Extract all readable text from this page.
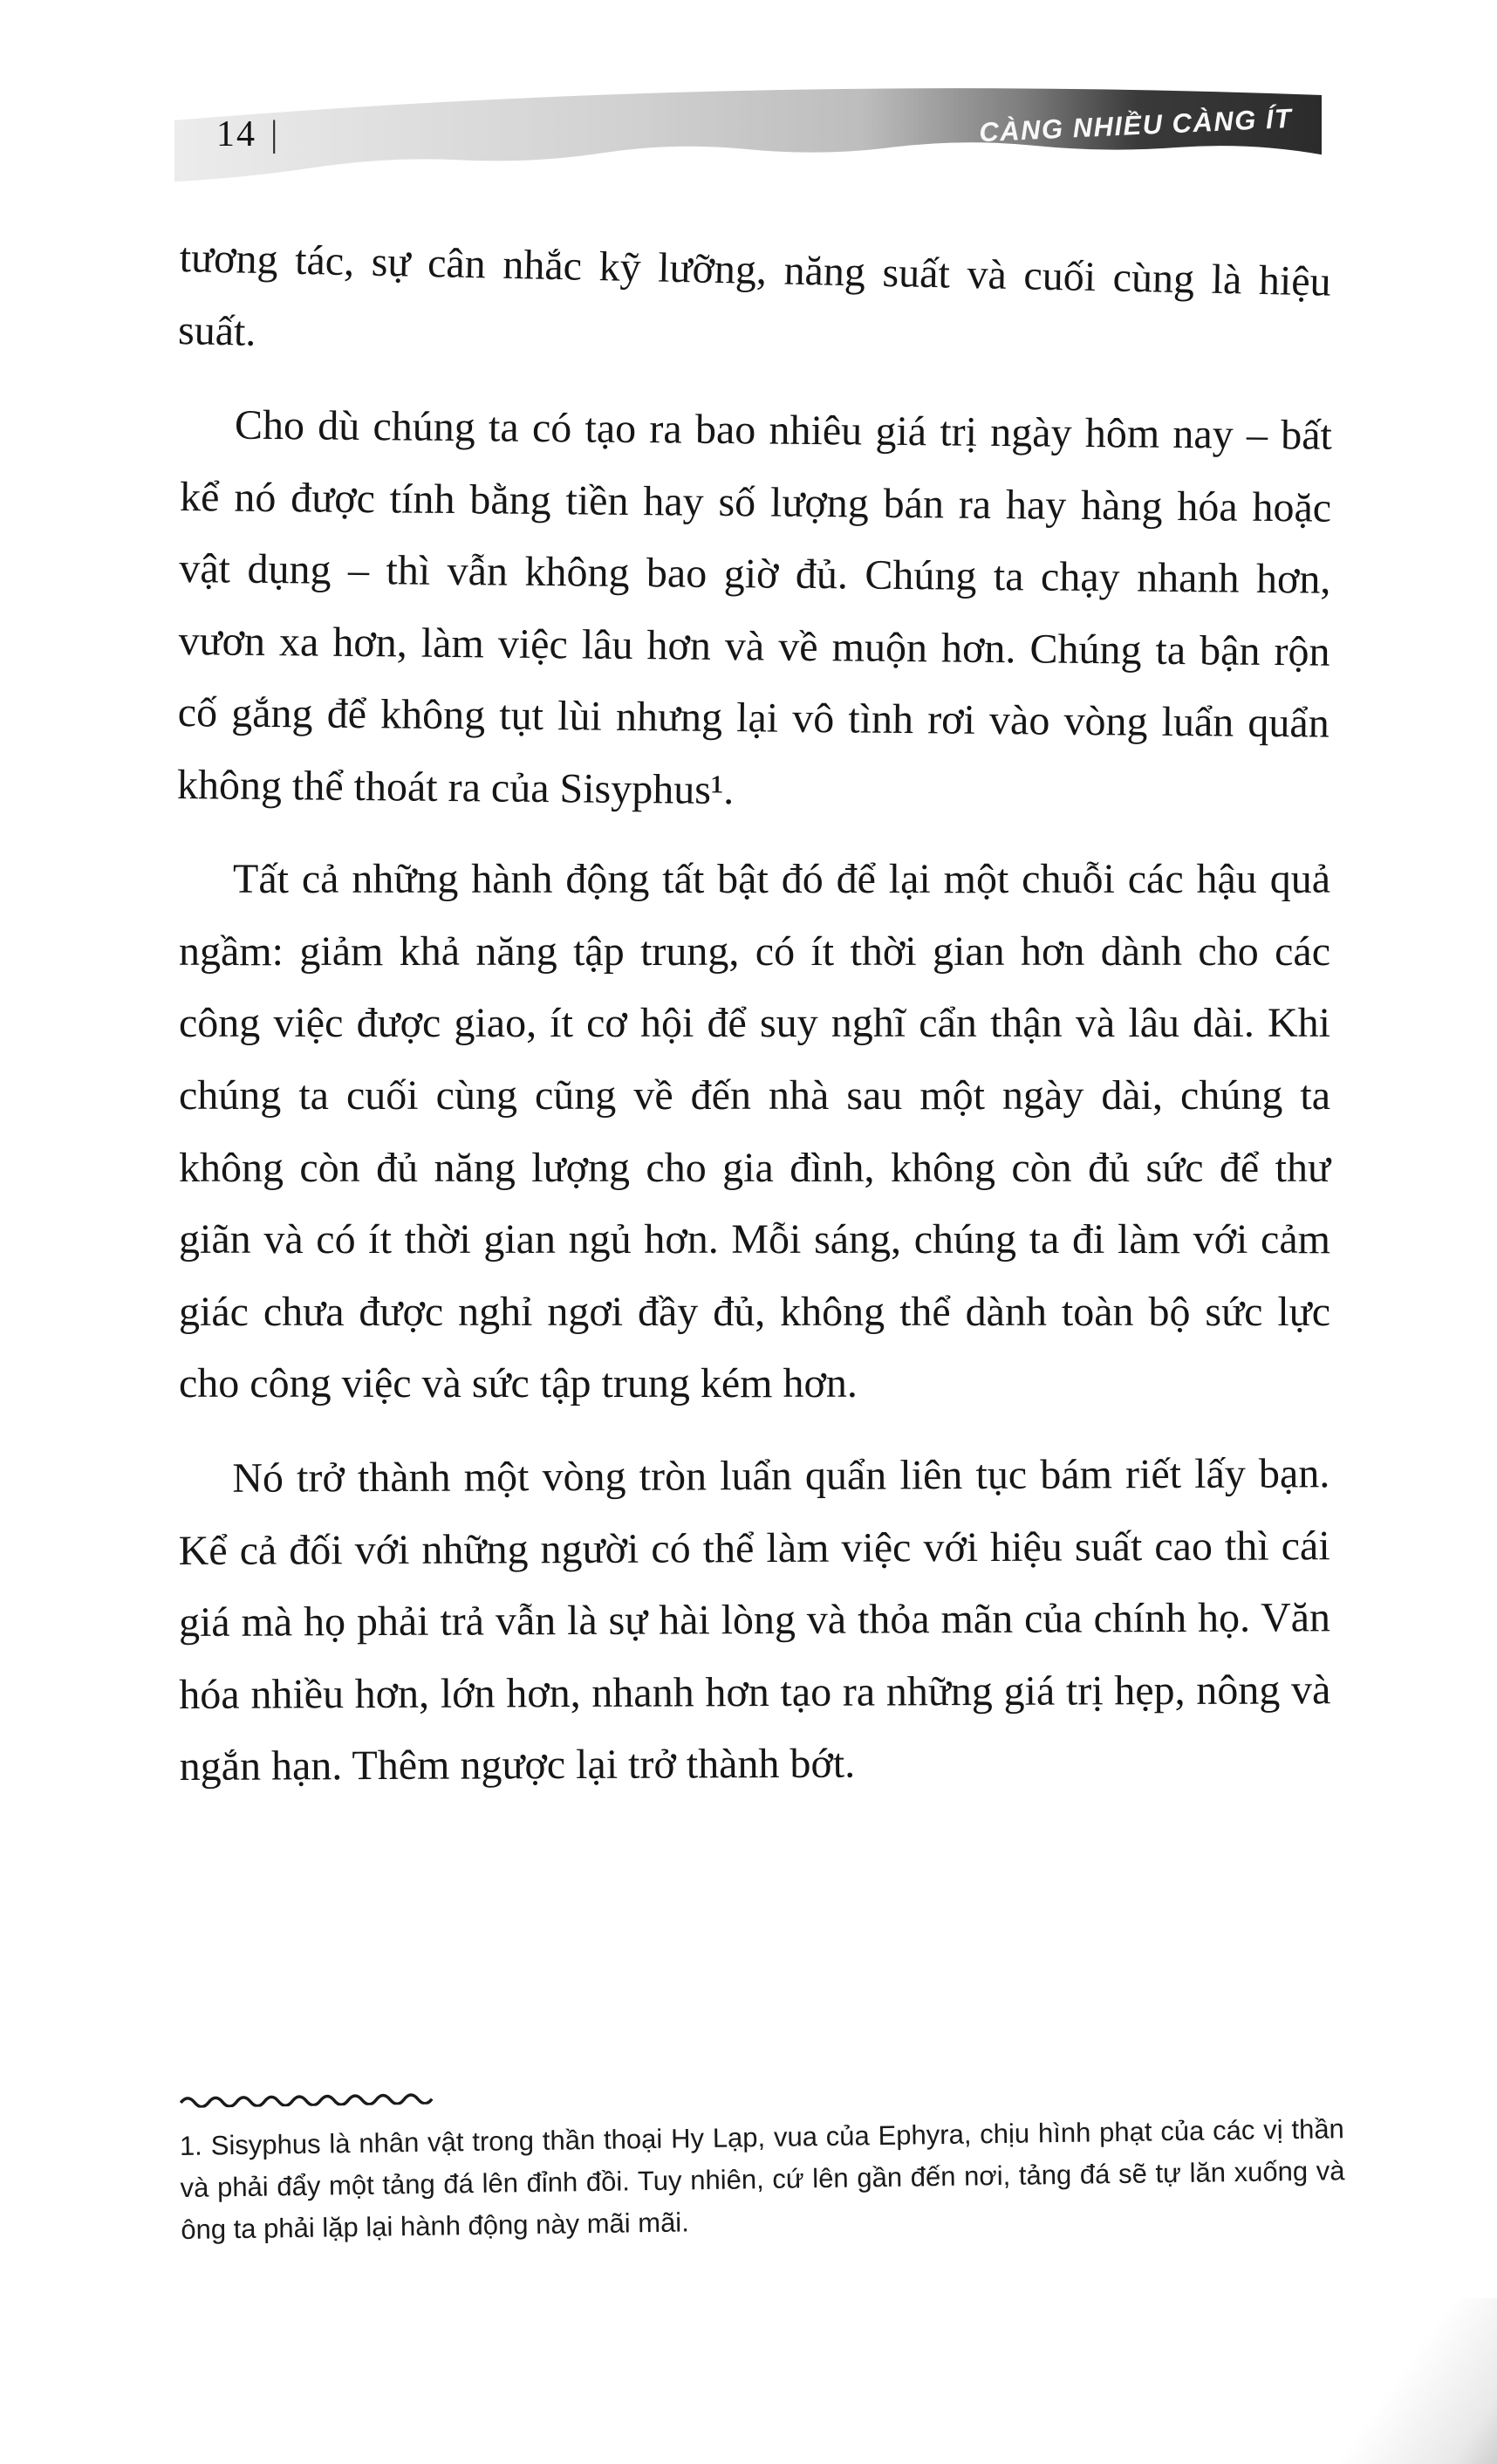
14 |	CÀNG NHIỀU CÀNG ÍT

tương tác, sự cân nhắc kỹ lưỡng, năng suất và cuối cùng là hiệu suất.

Cho dù chúng ta có tạo ra bao nhiêu giá trị ngày hôm nay – bất kể nó được tính bằng tiền hay số lượng bán ra hay hàng hóa hoặc vật dụng – thì vẫn không bao giờ đủ. Chúng ta chạy nhanh hơn, vươn xa hơn, làm việc lâu hơn và về muộn hơn. Chúng ta bận rộn cố gắng để không tụt lùi nhưng lại vô tình rơi vào vòng luẩn quẩn không thể thoát ra của Sisyphus¹.

Tất cả những hành động tất bật đó để lại một chuỗi các hậu quả ngầm: giảm khả năng tập trung, có ít thời gian hơn dành cho các công việc được giao, ít cơ hội để suy nghĩ cẩn thận và lâu dài. Khi chúng ta cuối cùng cũng về đến nhà sau một ngày dài, chúng ta không còn đủ năng lượng cho gia đình, không còn đủ sức để thư giãn và có ít thời gian ngủ hơn. Mỗi sáng, chúng ta đi làm với cảm giác chưa được nghỉ ngơi đầy đủ, không thể dành toàn bộ sức lực cho công việc và sức tập trung kém hơn.

Nó trở thành một vòng tròn luẩn quẩn liên tục bám riết lấy bạn. Kể cả đối với những người có thể làm việc với hiệu suất cao thì cái giá mà họ phải trả vẫn là sự hài lòng và thỏa mãn của chính họ. Văn hóa nhiều hơn, lớn hơn, nhanh hơn tạo ra những giá trị hẹp, nông và ngắn hạn. Thêm ngược lại trở thành bớt.

1. Sisyphus là nhân vật trong thần thoại Hy Lạp, vua của Ephyra, chịu hình phạt của các vị thần và phải đẩy một tảng đá lên đỉnh đồi. Tuy nhiên, cứ lên gần đến nơi, tảng đá sẽ tự lăn xuống và ông ta phải lặp lại hành động này mãi mãi.
